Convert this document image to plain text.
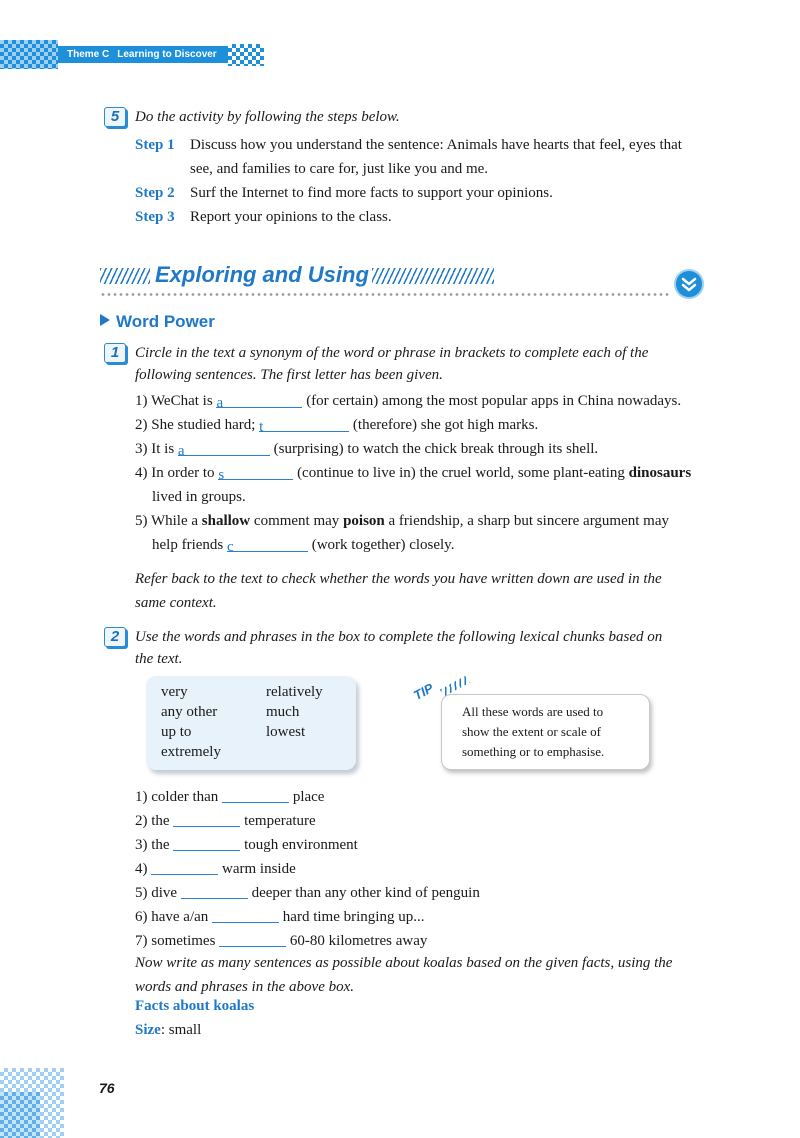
Theme C Learning to Discover
5	Do the activity by following the steps below.
Step 1 Discuss how you understand the sentence: Animals have hearts that feel, eyes that
see, and families to care for, just like you and me.
Step 2 Surf the Internet to find more facts to support your opinions.
Step 3 Report your opinions to the class.
Exploring and Using
Word Power
1	Circle in the text a synonym of the word or phrase in brackets to complete each of the
following sentences. The first letter has been given.
1) WeChat is a	(for certain) among the most popular apps in China nowadays.
2) She studied hard; t	(therefore) she got high marks.
3) It is a	(surprising) to watch the chick break through its shell.
4) In order to s	(continue to live in) the cruel world, some plant-eating dinosaurs
lived in groups.
5) While a shallow comment may poison a friendship, a sharp but sincere argument may
help friends c	(work together) closely.
Refer back to the text to check whether the words you have written down are used in the
same context.
2	Use the words and phrases in the box to complete the following lexical chunks based on
the text.
very
any other
up to
extremely
relatively
much
lowest
TIP
All these words are used to
show the extent or scale of
something or to emphasise.
1) colder than	place
2) the	temperature
3) the	tough environment
4)	warm inside
5) dive	deeper than any other kind of penguin
6) have a/an	hard time bringing up...
7) sometimes	60-80 kilometres away
Now write as many sentences as possible about koalas based on the given facts, using the
words and phrases in the above box.
Facts about koalas
Size: small
76
